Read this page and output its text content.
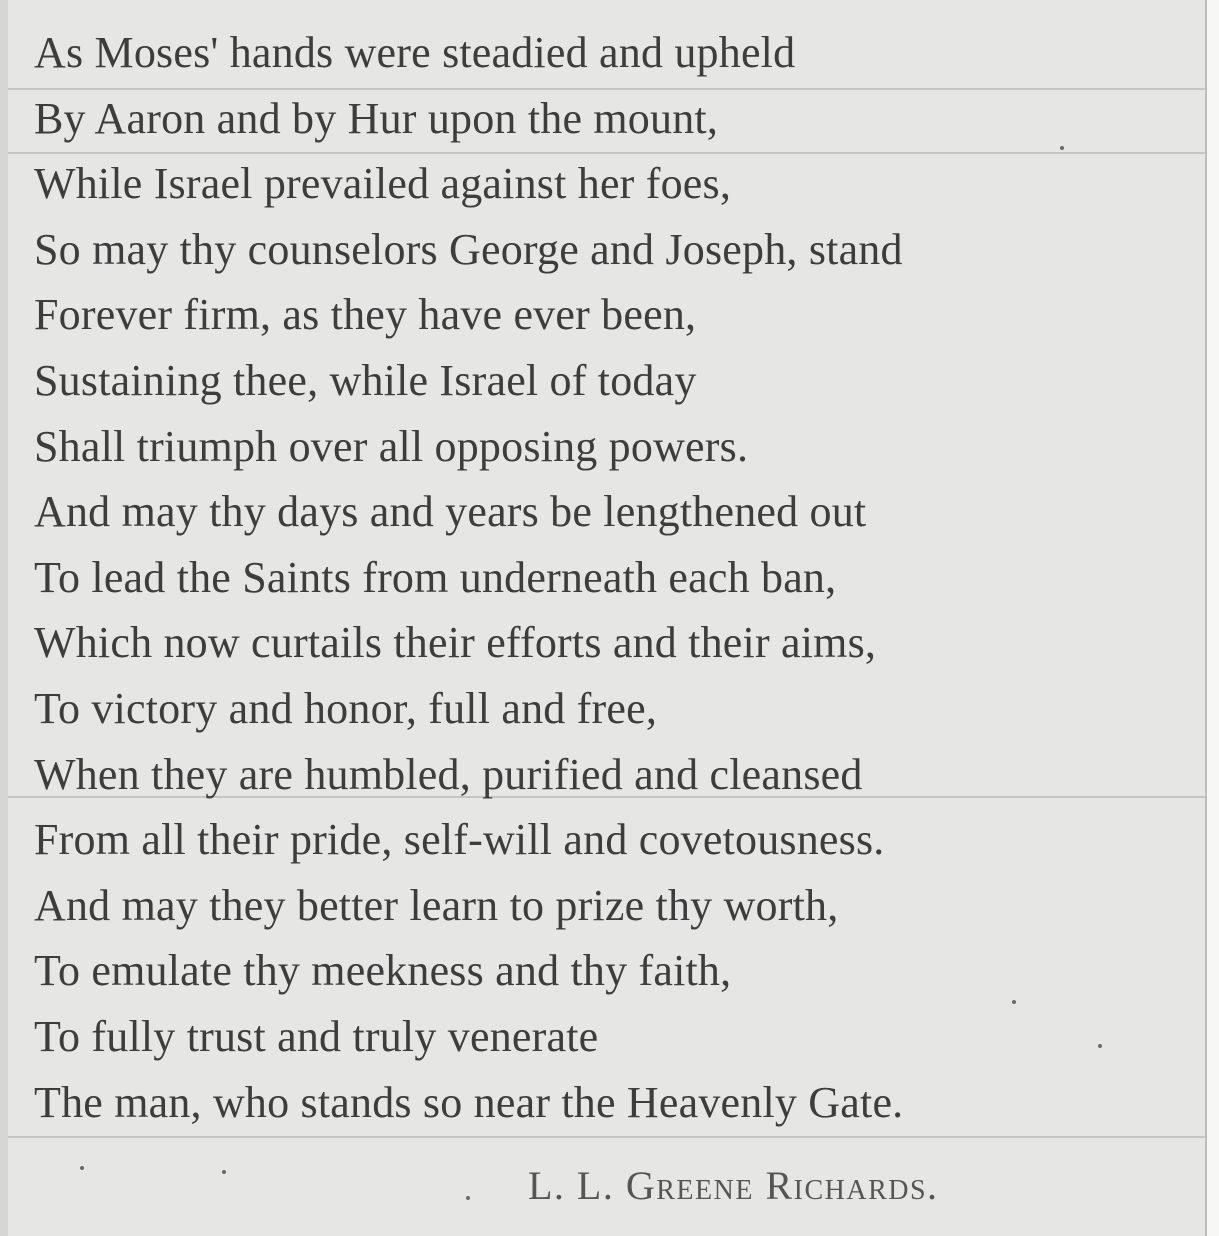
As Moses' hands were steadied and upheld
By Aaron and by Hur upon the mount,
While Israel prevailed against her foes,
So may thy counselors George and Joseph, stand
Forever firm, as they have ever been,
Sustaining thee, while Israel of today
Shall triumph over all opposing powers.
And may thy days and years be lengthened out
To lead the Saints from underneath each ban,
Which now curtails their efforts and their aims,
To victory and honor, full and free,
When they are humbled, purified and cleansed
From all their pride, self-will and covetousness.
And may they better learn to prize thy worth,
To emulate thy meekness and thy faith,
To fully trust and truly venerate
The man, who stands so near the Heavenly Gate.
L. L. Greene Richards.
